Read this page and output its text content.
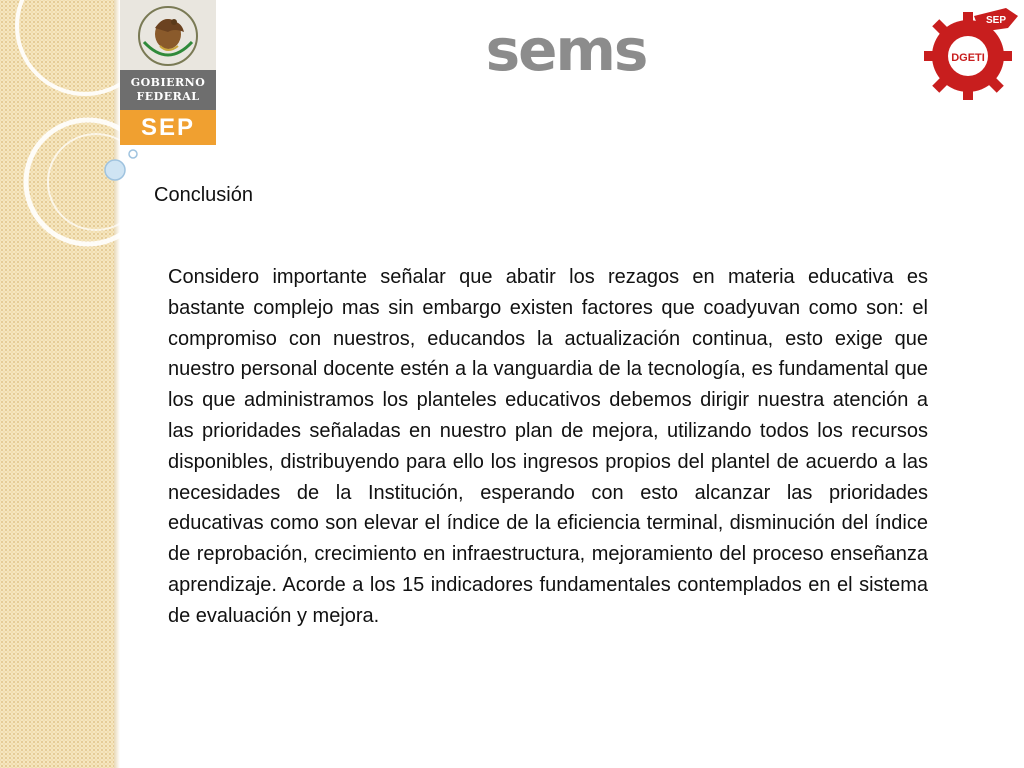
GOBIERNO
FEDERAL
SEP
sems	SEP
DGETI
Conclusión

Considero importante señalar que abatir los rezagos en materia educativa es bastante complejo mas sin embargo existen factores que coadyuvan como son: el compromiso con nuestros, educandos la actualización continua, esto exige que nuestro personal docente estén a la vanguardia de la tecnología, es fundamental que los que administramos los planteles educativos debemos dirigir nuestra atención a las prioridades señaladas en nuestro plan de mejora, utilizando todos los recursos disponibles, distribuyendo para ello los ingresos propios del plantel de acuerdo a las necesidades de la Institución, esperando con esto alcanzar las prioridades educativas como son elevar el índice de la eficiencia terminal, disminución del índice de reprobación, crecimiento en infraestructura, mejoramiento del proceso enseñanza aprendizaje. Acorde a los 15 indicadores fundamentales contemplados en el sistema de evaluación y mejora.
